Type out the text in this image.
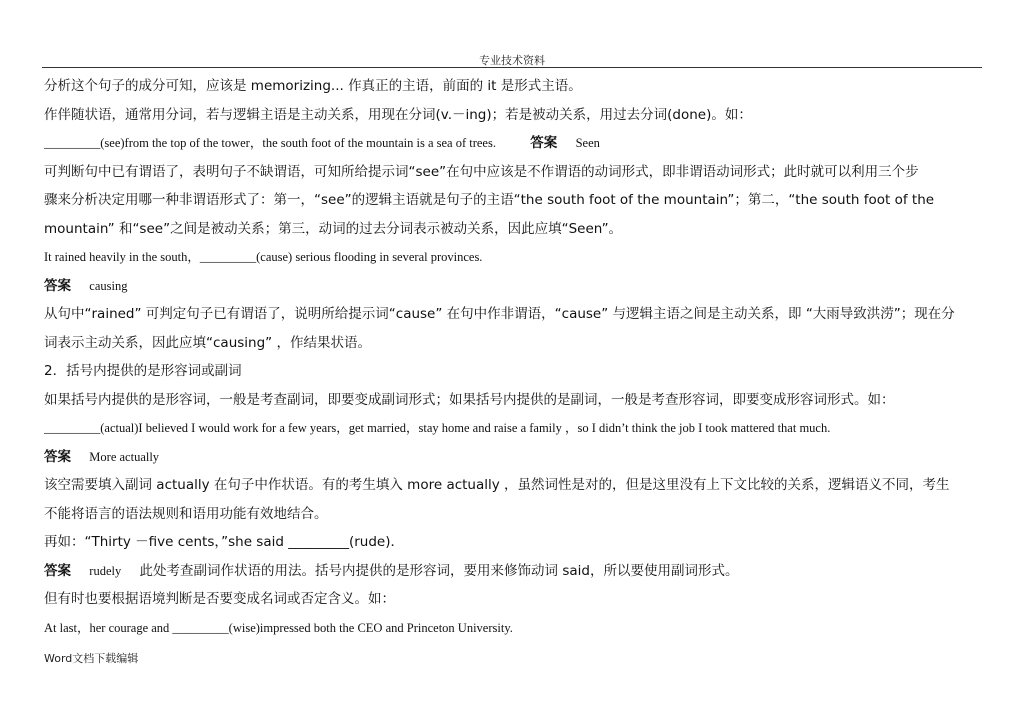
专业技术资料
分析这个句子的成分可知，应该是 memorizing... 作真正的主语，前面的 it 是形式主语。
作伴随状语，通常用分词，若与逻辑主语是主动关系，用现在分词(v.－ing)；若是被动关系，用过去分词(done)。如：
_________(see)from the top of the tower，the south foot of the mountain is a sea of trees.	答案 Seen
可判断句中已有谓语了，表明句子不缺谓语，可知所给提示词“see”在句中应该是不作谓语的动词形式，即非谓语动词形式；此时就可以利用三个步
骤来分析决定用哪一种非谓语形式了：第一，“see”的逻辑主语就是句子的主语“the south foot of the mountain”；第二，“the south foot of the
mountain” 和“see”之间是被动关系；第三，动词的过去分词表示被动关系，因此应填“Seen”。
It rained heavily in the south，_________(cause) serious flooding in several provinces.
答案 causing
从句中“rained” 可判定句子已有谓语了，说明所给提示词“cause” 在句中作非谓语，“cause” 与逻辑主语之间是主动关系，即 “大雨导致洪涝”；现在分
词表示主动关系，因此应填“causing” ，作结果状语。
2．括号内提供的是形容词或副词
如果括号内提供的是形容词，一般是考查副词，即要变成副词形式；如果括号内提供的是副词，一般是考查形容词，即要变成形容词形式。如：
_________(actual)I believed I would work for a few years，get married，stay home and raise a family ，so I didn’t think the job I took mattered that much.
答案 More actually
该空需要填入副词 actually 在句子中作状语。有的考生填入 more actually ，虽然词性是对的，但是这里没有上下文比较的关系，逻辑语义不同，考生
不能将语言的语法规则和语用功能有效地结合。
再如：“Thirty －five cents，”she said _________(rude)．
答案 rudely 此处考查副词作状语的用法。括号内提供的是形容词，要用来修饰动词 said，所以要使用副词形式。
但有时也要根据语境判断是否要变成名词或否定含义。如：
At last，her courage and _________(wise)impressed both the CEO and Princeton University.
Word文档下载编辑
